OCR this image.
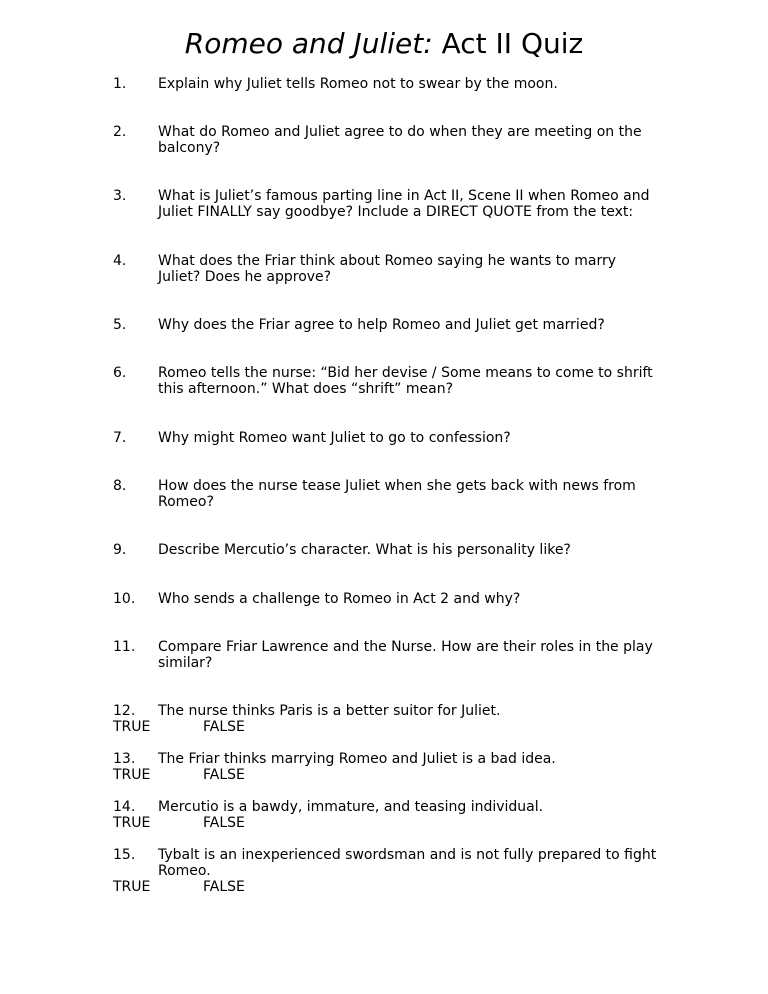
Romeo and Juliet: Act II Quiz
1.	Explain why Juliet tells Romeo not to swear by the moon.
2.	What do Romeo and Juliet agree to do when they are meeting on the balcony?
3.	What is Juliet’s famous parting line in Act II, Scene II when Romeo and Juliet FINALLY say goodbye? Include a DIRECT QUOTE from the text:
4.	What does the Friar think about Romeo saying he wants to marry Juliet? Does he approve?
5.	Why does the Friar agree to help Romeo and Juliet get married?
6.	Romeo tells the nurse: “Bid her devise / Some means to come to shrift this afternoon.” What does “shrift” mean?
7.	Why might Romeo want Juliet to go to confession?
8.	How does the nurse tease Juliet when she gets back with news from Romeo?
9.	Describe Mercutio’s character. What is his personality like?
10.	Who sends a challenge to Romeo in Act 2 and why?
11.	Compare Friar Lawrence and the Nurse. How are their roles in the play similar?
12.	The nurse thinks Paris is a better suitor for Juliet.
TRUE	FALSE
13.	The Friar thinks marrying Romeo and Juliet is a bad idea.
TRUE	FALSE
14.	Mercutio is a bawdy, immature, and teasing individual.
TRUE	FALSE
15.	Tybalt is an inexperienced swordsman and is not fully prepared to fight Romeo.
TRUE	FALSE
